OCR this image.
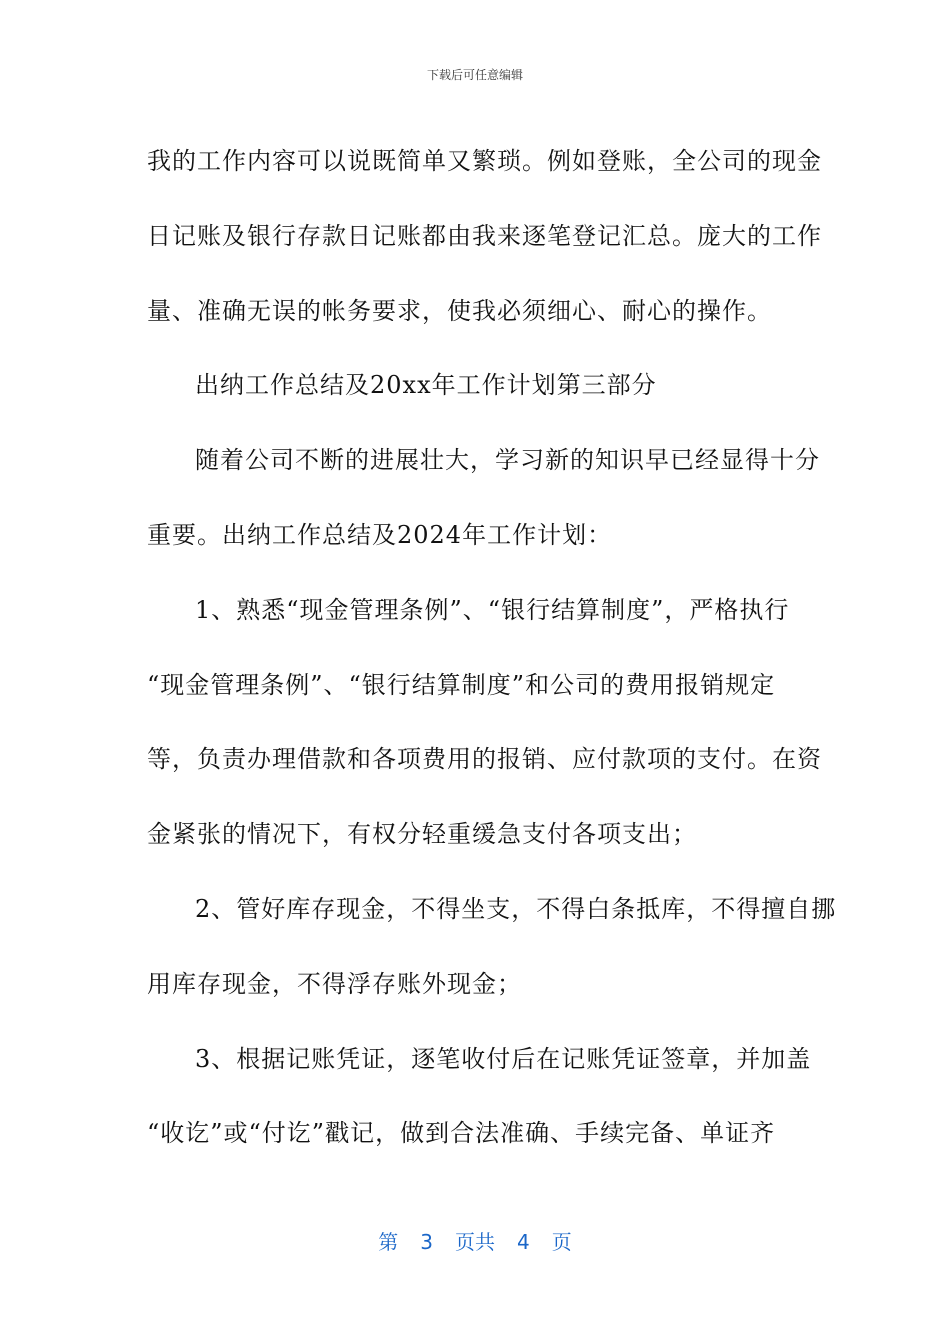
下载后可任意编辑

我的工作内容可以说既简单又繁琐。例如登账，全公司的现金

日记账及银行存款日记账都由我来逐笔登记汇总。庞大的工作

量、准确无误的帐务要求，使我必须细心、耐心的操作。

出纳工作总结及20xx年工作计划第三部分

随着公司不断的进展壮大，学习新的知识早已经显得十分

重要。出纳工作总结及2024年工作计划：

1、熟悉“现金管理条例”、“银行结算制度”，严格执行

“现金管理条例”、“银行结算制度”和公司的费用报销规定

等，负责办理借款和各项费用的报销、应付款项的支付。在资

金紧张的情况下，有权分轻重缓急支付各项支出；

2、管好库存现金，不得坐支，不得白条抵库，不得擅自挪

用库存现金，不得浮存账外现金；

3、根据记账凭证，逐笔收付后在记账凭证签章，并加盖

“收讫”或“付讫”戳记，做到合法准确、手续完备、单证齐

第 3 页共 4 页
